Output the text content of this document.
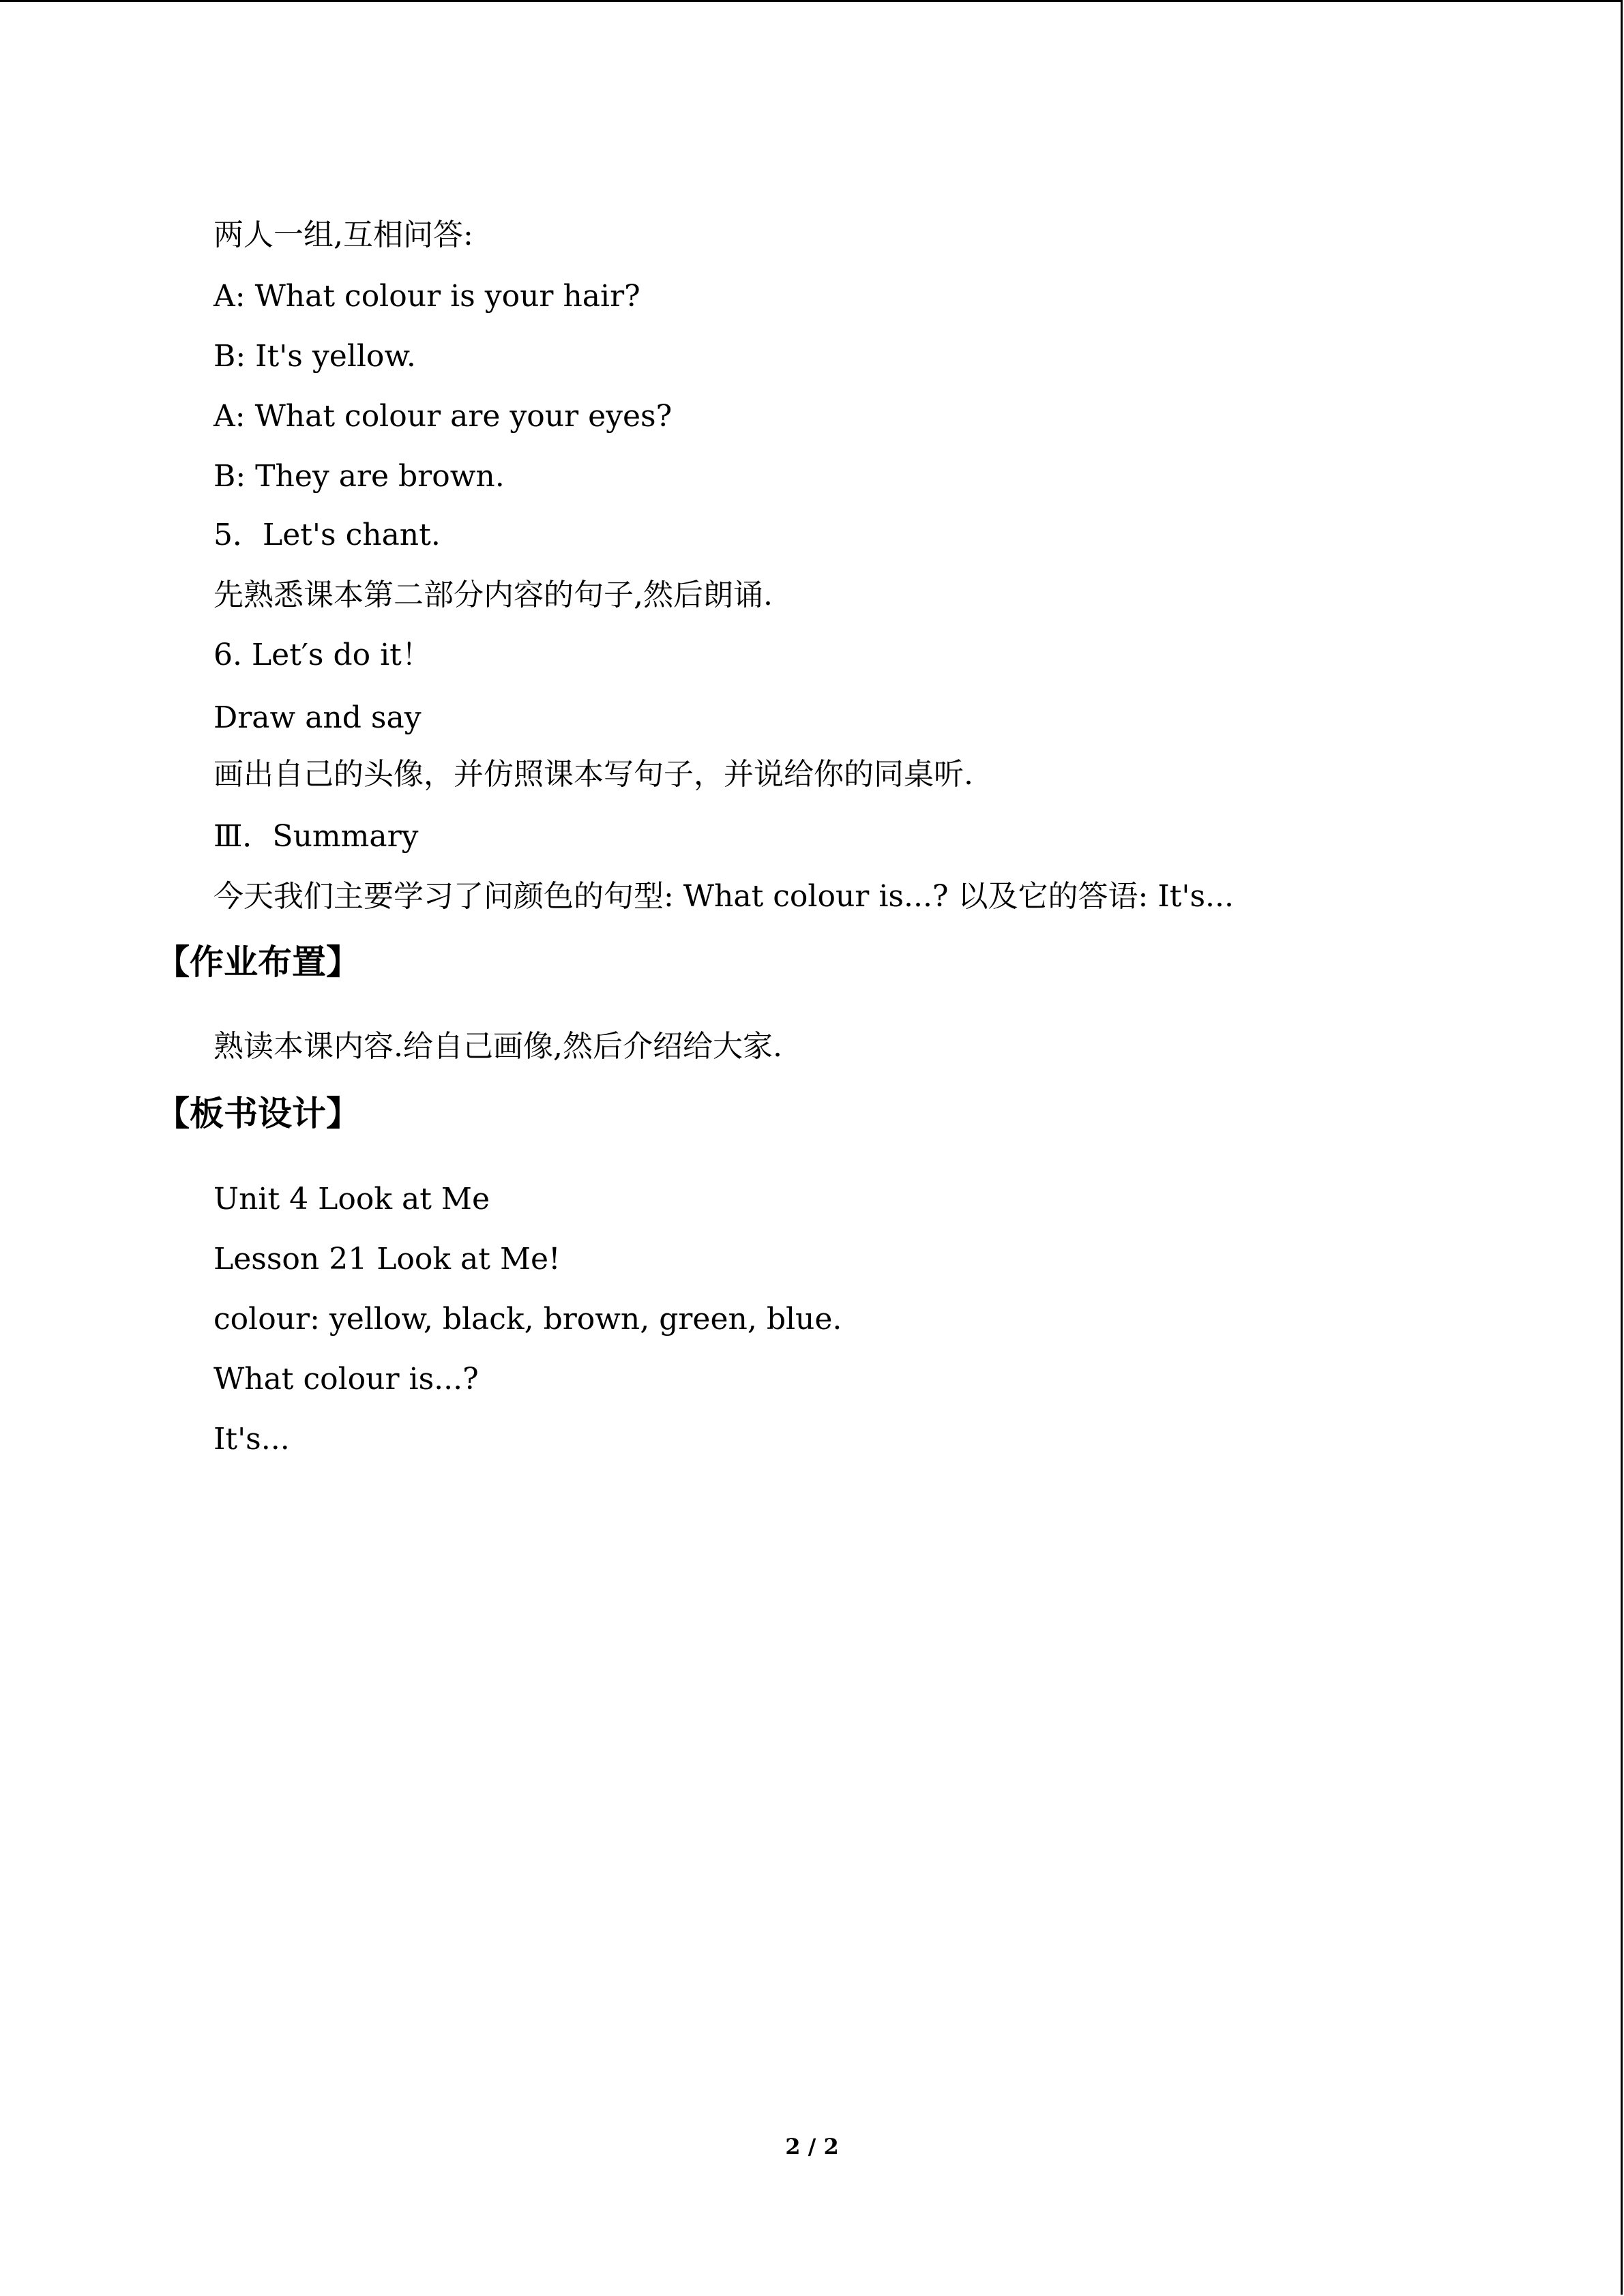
两人一组,互相问答:
A: What colour is your hair?
B: It's yellow.
A: What colour are your eyes?
B: They are brown.
5．Let's chant.
先熟悉课本第二部分内容的句子,然后朗诵.
6. Let′s do it！
Draw and say
画出自己的头像，并仿照课本写句子，并说给你的同桌听.
Ⅲ．Summary
今天我们主要学习了问颜色的句型: What colour is...? 以及它的答语: It's...
【作业布置】
熟读本课内容.给自己画像,然后介绍给大家.
【板书设计】
Unit 4 Look at Me
Lesson 21 Look at Me!
colour: yellow, black, brown, green, blue.
What colour is...?
It's...
2 / 2
